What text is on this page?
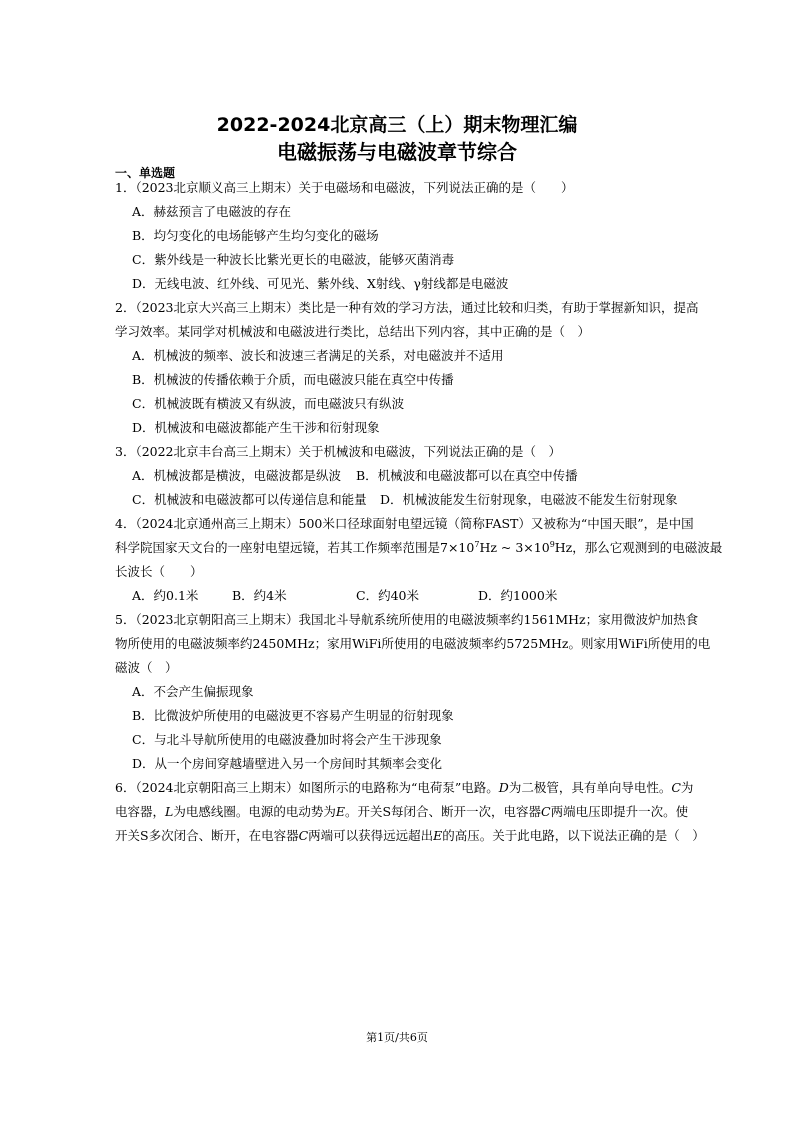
2022-2024北京高三（上）期末物理汇编
电磁振荡与电磁波章节综合
一、单选题
1．（2023北京顺义高三上期末）关于电磁场和电磁波，下列说法正确的是（　　）
A．赫兹预言了电磁波的存在
B．均匀变化的电场能够产生均匀变化的磁场
C．紫外线是一种波长比紫光更长的电磁波，能够灭菌消毒
D．无线电波、红外线、可见光、紫外线、X射线、γ射线都是电磁波
2．（2023北京大兴高三上期末）类比是一种有效的学习方法，通过比较和归类，有助于掌握新知识，提高
学习效率。某同学对机械波和电磁波进行类比，总结出下列内容，其中正确的是（　）
A．机械波的频率、波长和波速三者满足的关系，对电磁波并不适用
B．机械波的传播依赖于介质，而电磁波只能在真空中传播
C．机械波既有横波又有纵波，而电磁波只有纵波
D．机械波和电磁波都能产生干涉和衍射现象
3．（2022北京丰台高三上期末）关于机械波和电磁波，下列说法正确的是（　）
A．机械波都是横波，电磁波都是纵波 B．机械波和电磁波都可以在真空中传播
C．机械波和电磁波都可以传递信息和能量 D．机械波能发生衍射现象，电磁波不能发生衍射现象
4．（2024北京通州高三上期末）500米口径球面射电望远镜（简称FAST）又被称为“中国天眼”，是中国
科学院国家天文台的一座射电望远镜，若其工作频率范围是$7\times 10^7Hz$ ~ $3\times 10^9Hz$，那么它观测到的电磁波最
长波长（　　）
A．约0.1米	B．约4米	C．约40米	D．约1000米
5．（2023北京朝阳高三上期末）我国北斗导航系统所使用的电磁波频率约1561MHz；家用微波炉加热食
物所使用的电磁波频率约2450MHz；家用WiFi所使用的电磁波频率约5725MHz。则家用WiFi所使用的电
磁波（　）
A．不会产生偏振现象
B．比微波炉所使用的电磁波更不容易产生明显的衍射现象
C．与北斗导航所使用的电磁波叠加时将会产生干涉现象
D．从一个房间穿越墙壁进入另一个房间时其频率会变化
6．（2024北京朝阳高三上期末）如图所示的电路称为“电荷泵”电路。D为二极管，具有单向导电性。C为
电容器，L为电感线圈。电源的电动势为E。开关S每闭合、断开一次，电容器C两端电压即提升一次。使
开关S多次闭合、断开，在电容器C两端可以获得远远超出E的高压。关于此电路，以下说法正确的是（　）
第1页/共6页
